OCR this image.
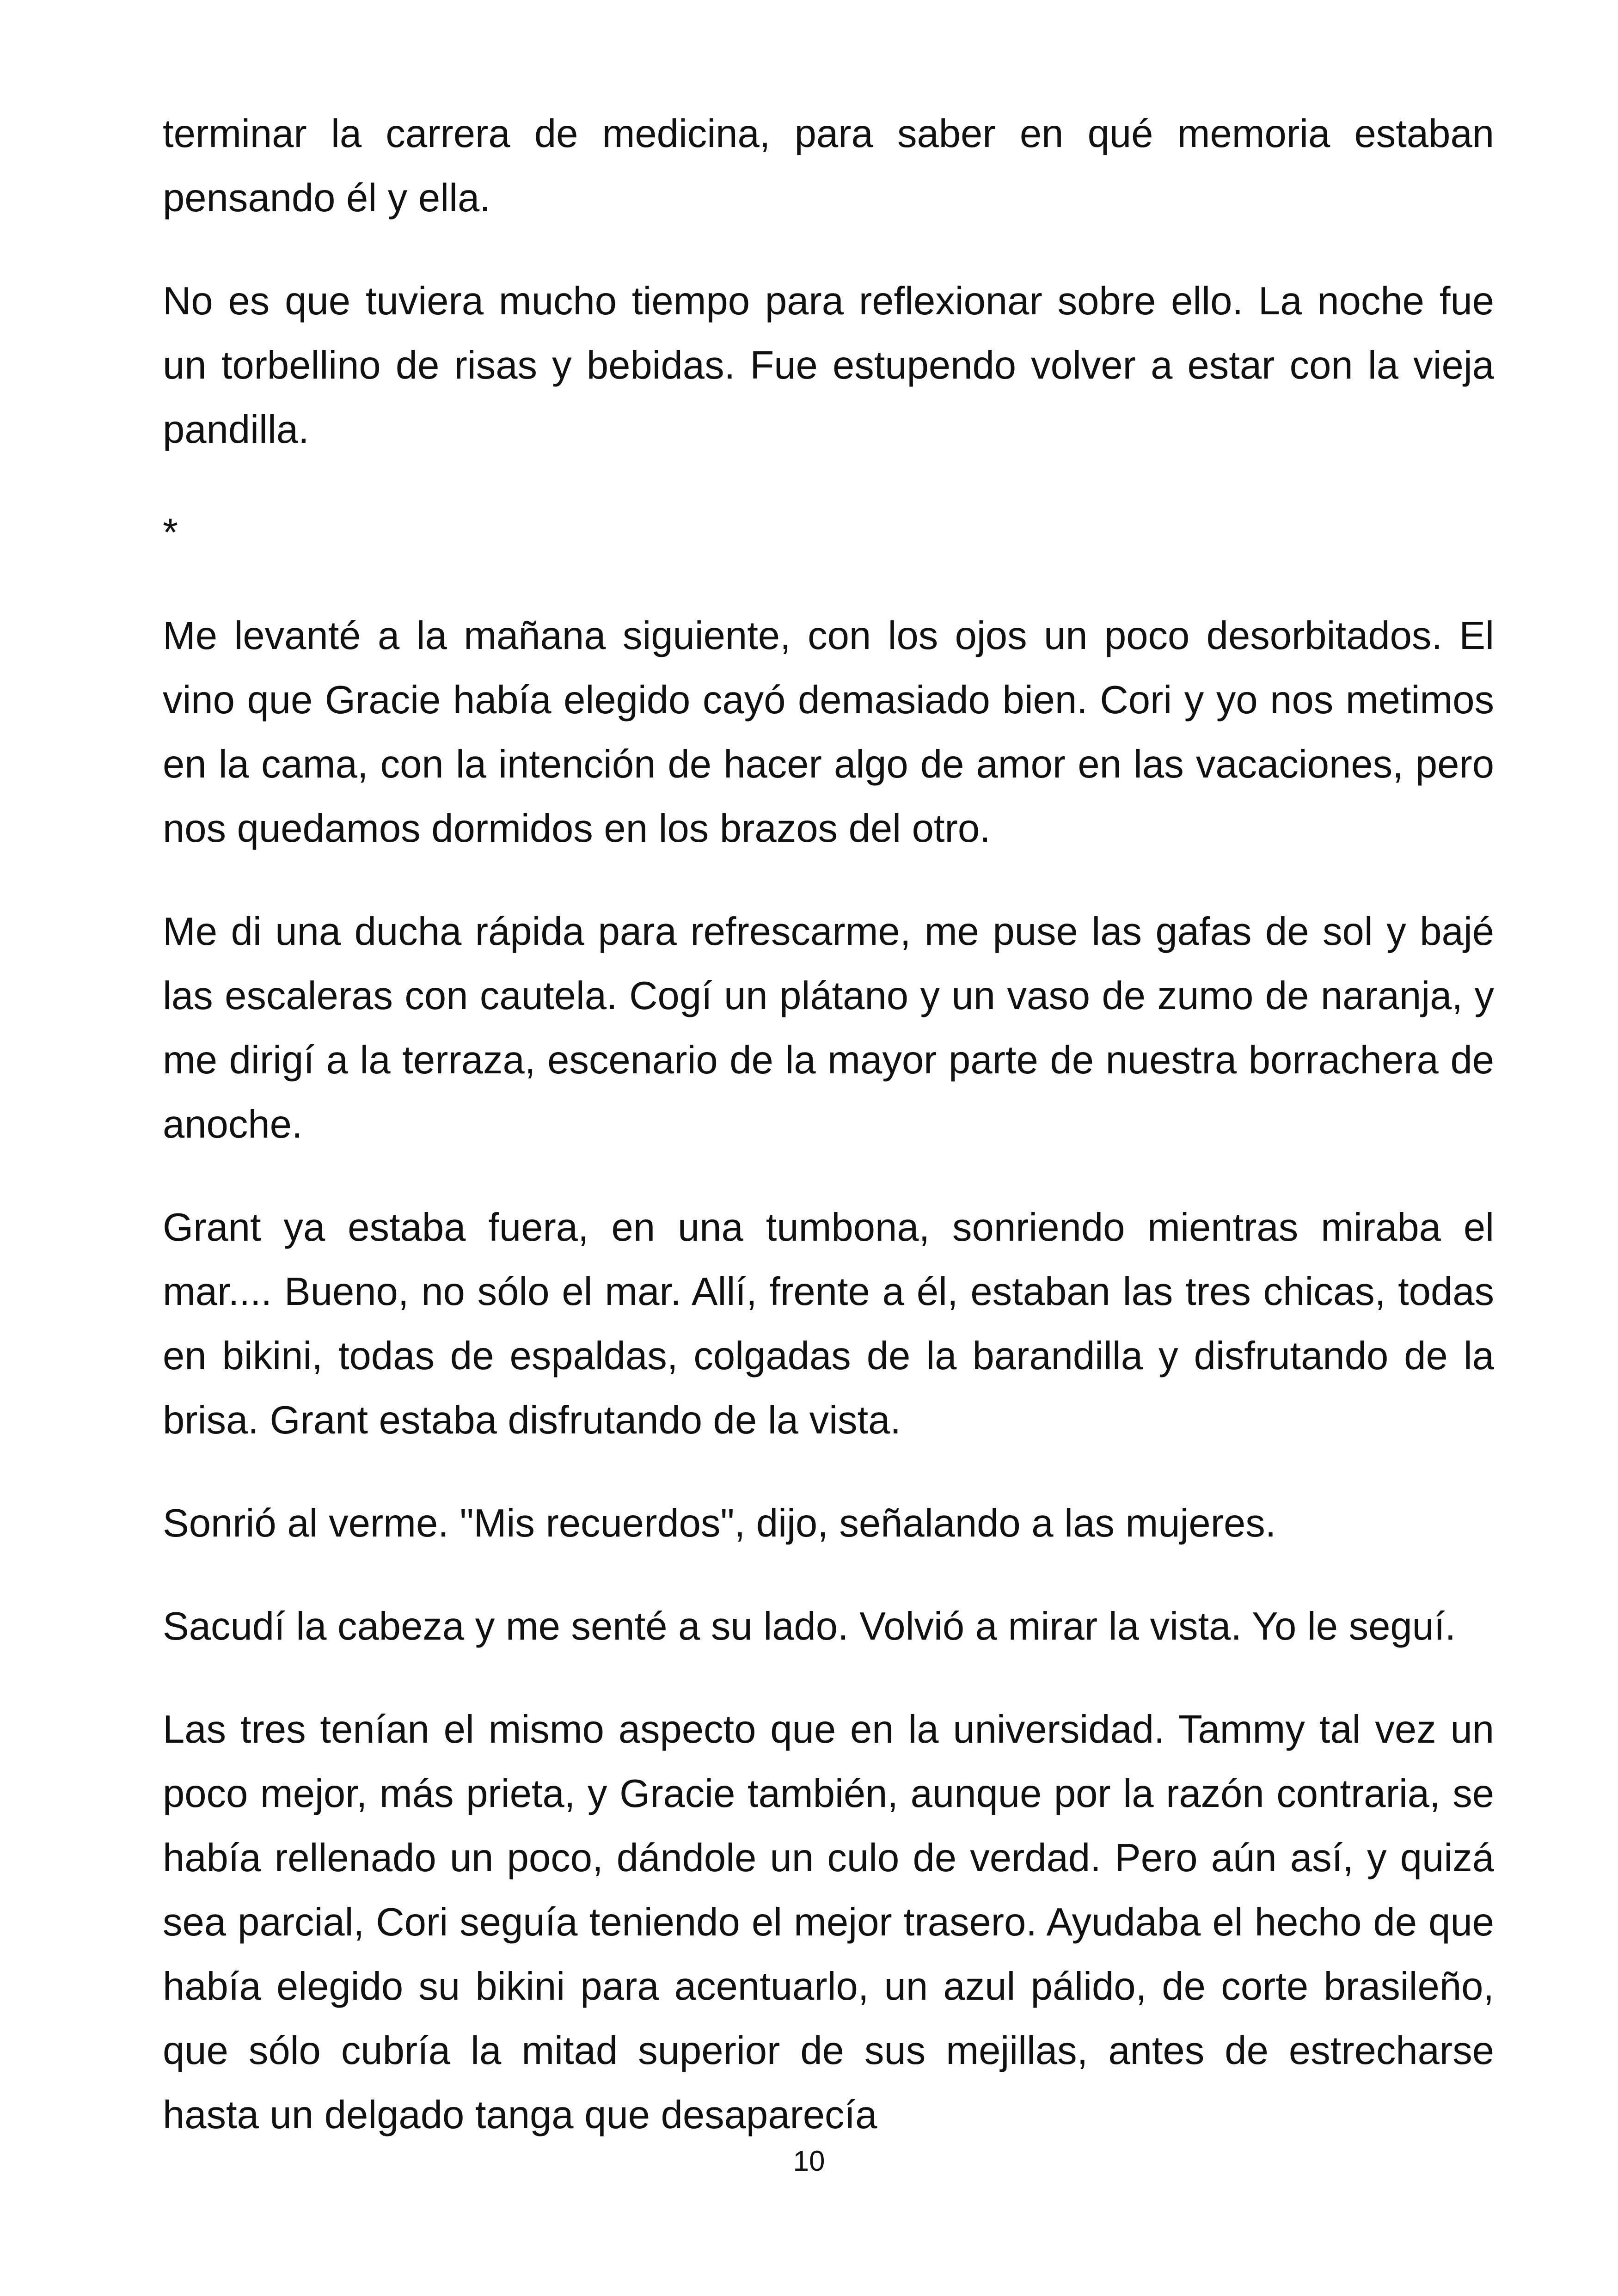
terminar la carrera de medicina, para saber en qué memoria estaban pensando él y ella.

No es que tuviera mucho tiempo para reflexionar sobre ello. La noche fue un torbellino de risas y bebidas. Fue estupendo volver a estar con la vieja pandilla.

*

Me levanté a la mañana siguiente, con los ojos un poco desorbitados. El vino que Gracie había elegido cayó demasiado bien. Cori y yo nos metimos en la cama, con la intención de hacer algo de amor en las vacaciones, pero nos quedamos dormidos en los brazos del otro.

Me di una ducha rápida para refrescarme, me puse las gafas de sol y bajé las escaleras con cautela. Cogí un plátano y un vaso de zumo de naranja, y me dirigí a la terraza, escenario de la mayor parte de nuestra borrachera de anoche.

Grant ya estaba fuera, en una tumbona, sonriendo mientras miraba el mar.... Bueno, no sólo el mar. Allí, frente a él, estaban las tres chicas, todas en bikini, todas de espaldas, colgadas de la barandilla y disfrutando de la brisa. Grant estaba disfrutando de la vista.

Sonrió al verme. "Mis recuerdos", dijo, señalando a las mujeres.

Sacudí la cabeza y me senté a su lado. Volvió a mirar la vista. Yo le seguí.

Las tres tenían el mismo aspecto que en la universidad. Tammy tal vez un poco mejor, más prieta, y Gracie también, aunque por la razón contraria, se había rellenado un poco, dándole un culo de verdad. Pero aún así, y quizá sea parcial, Cori seguía teniendo el mejor trasero. Ayudaba el hecho de que había elegido su bikini para acentuarlo, un azul pálido, de corte brasileño, que sólo cubría la mitad superior de sus mejillas, antes de estrecharse hasta un delgado tanga que desaparecía

10
